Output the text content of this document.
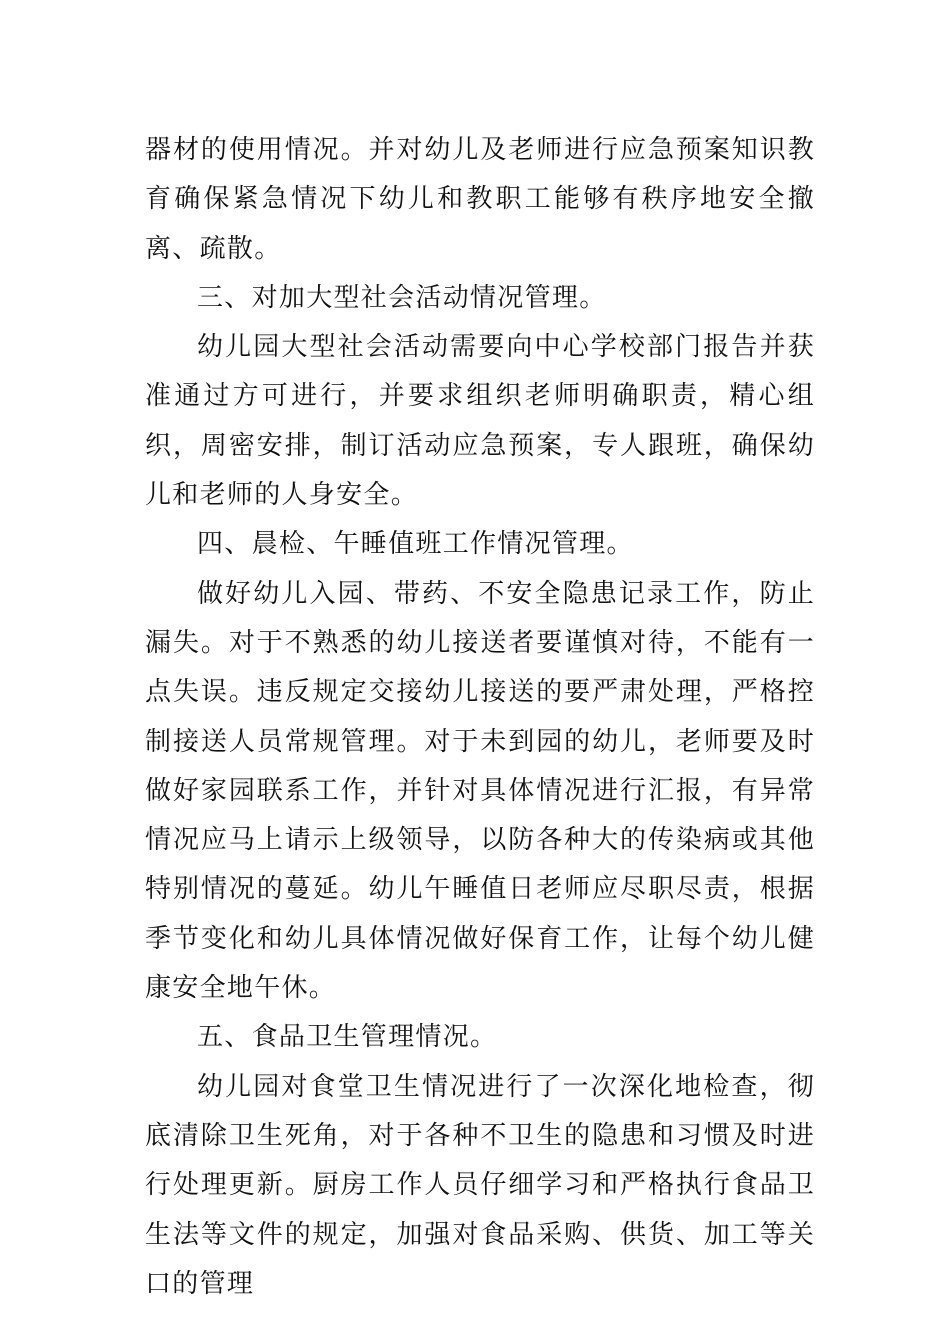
器材的使用情况。并对幼儿及老师进行应急预案知识教育确保紧急情况下幼儿和教职工能够有秩序地安全撤离、疏散。

三、对加大型社会活动情况管理。

幼儿园大型社会活动需要向中心学校部门报告并获准通过方可进行，并要求组织老师明确职责，精心组织，周密安排，制订活动应急预案，专人跟班，确保幼儿和老师的人身安全。

四、晨检、午睡值班工作情况管理。

做好幼儿入园、带药、不安全隐患记录工作，防止漏失。对于不熟悉的幼儿接送者要谨慎对待，不能有一点失误。违反规定交接幼儿接送的要严肃处理，严格控制接送人员常规管理。对于未到园的幼儿，老师要及时做好家园联系工作，并针对具体情况进行汇报，有异常情况应马上请示上级领导，以防各种大的传染病或其他特别情况的蔓延。幼儿午睡值日老师应尽职尽责，根据季节变化和幼儿具体情况做好保育工作，让每个幼儿健康安全地午休。

五、食品卫生管理情况。

幼儿园对食堂卫生情况进行了一次深化地检查，彻底清除卫生死角，对于各种不卫生的隐患和习惯及时进行处理更新。厨房工作人员仔细学习和严格执行食品卫生法等文件的规定，加强对食品采购、供货、加工等关口的管理
